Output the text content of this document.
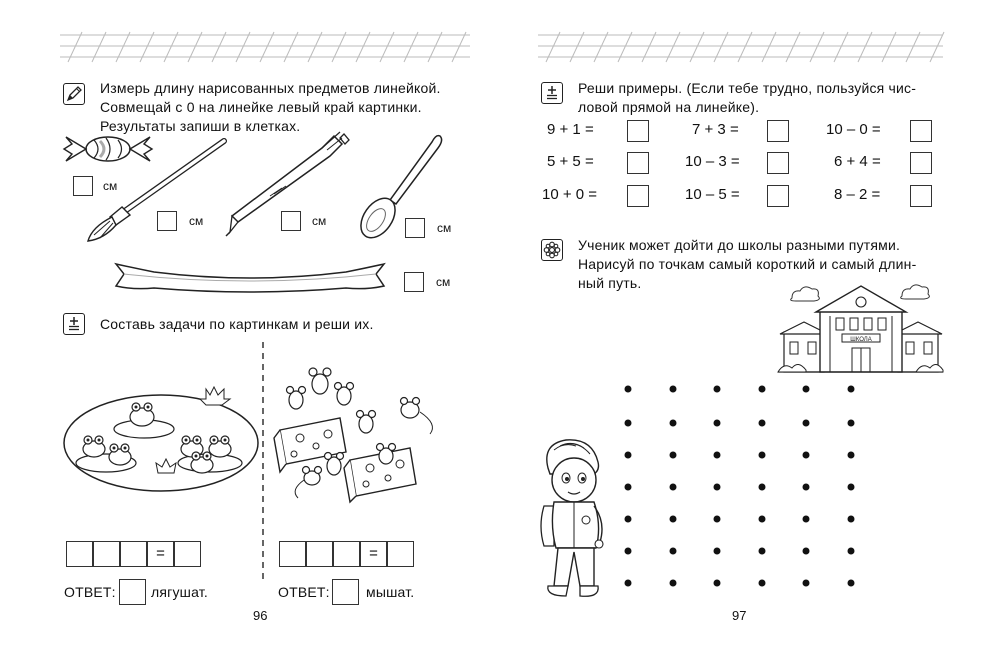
Измерь длину нарисованных предметов линейкой.
Совмещай с 0 на линейке левый край картинки.
Результаты запиши в клетках.
см
см	см	см
см
Составь задачи по картинкам и реши их.
=	=
ОТВЕТ:	лягушат.	ОТВЕТ:	мышат.
96
Реши примеры. (Если тебе трудно, пользуйся чис-
ловой прямой на линейке).
9 + 1 =	7 + 3 =	10 – 0 =
5 + 5 =	10 – 3 =	6 + 4 =
10 + 0 =	10 – 5 =	8 – 2 =
Ученик может дойти до школы разными путями.
Нарисуй по точкам самый короткий и самый длин-
ный путь.
ШКОЛА
97
